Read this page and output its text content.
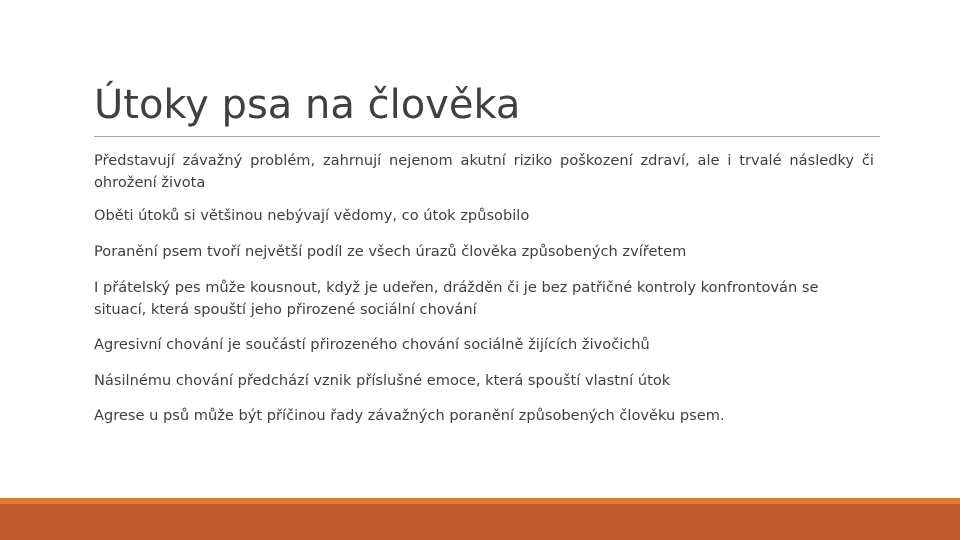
Útoky psa na člověka
Představují závažný problém, zahrnují nejenom akutní riziko poškození zdraví, ale i trvalé následky či ohrožení života
Oběti útoků si většinou nebývají vědomy, co útok způsobilo
Poranění psem tvoří největší podíl ze všech úrazů člověka způsobených zvířetem
I přátelský pes může kousnout, když je udeřen, drážděn či je bez patřičné kontroly konfrontován se situací, která spouští jeho přirozené sociální chování
Agresivní chování je součástí přirozeného chování sociálně žijících živočichů
Násilnému chování předchází vznik příslušné emoce, která spouští vlastní útok
Agrese u psů může být příčinou řady závažných poranění způsobených člověku psem.
